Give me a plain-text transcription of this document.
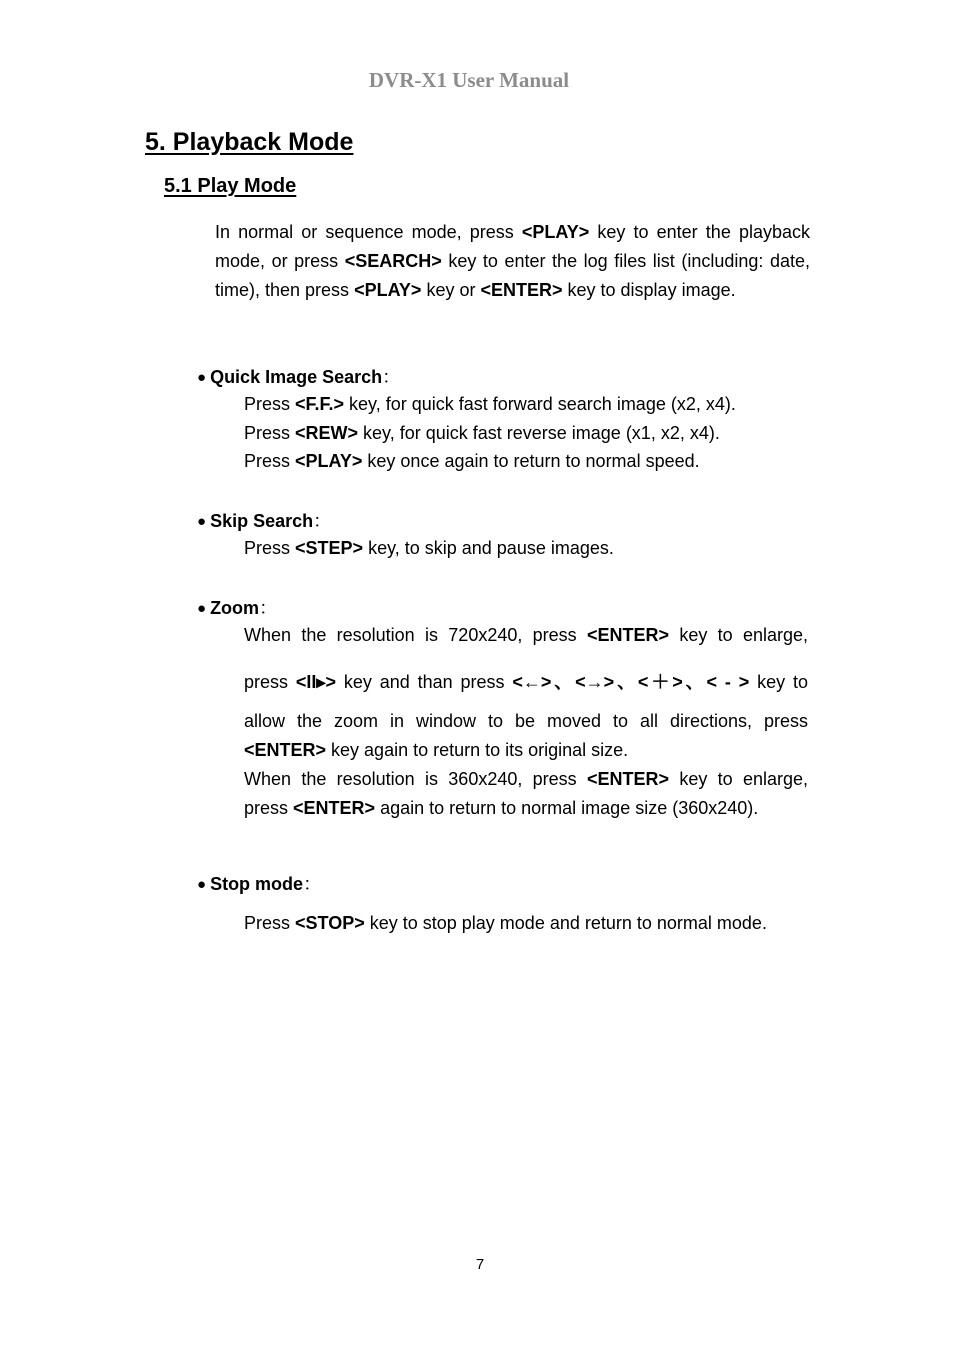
DVR-X1 User Manual
5. Playback Mode
5.1 Play Mode
In normal or sequence mode, press <PLAY> key to enter the playback mode, or press <SEARCH> key to enter the log files list (including: date, time), then press <PLAY> key or <ENTER> key to display image.
● Quick Image Search：
Press <F.F.> key, for quick fast forward search image (x2, x4).
Press <REW> key, for quick fast reverse image (x1, x2, x4).
Press <PLAY> key once again to return to normal speed.
● Skip Search：
Press <STEP> key, to skip and pause images.
● Zoom：
When the resolution is 720x240, press <ENTER> key to enlarge,
press <II▸> key and than press <←>、<→>、<＋>、< - > key to
allow the zoom in window to be moved to all directions, press
<ENTER> key again to return to its original size.
When the resolution is 360x240, press <ENTER> key to enlarge,
press <ENTER> again to return to normal image size (360x240).
● Stop mode：
Press <STOP> key to stop play mode and return to normal mode.
7
